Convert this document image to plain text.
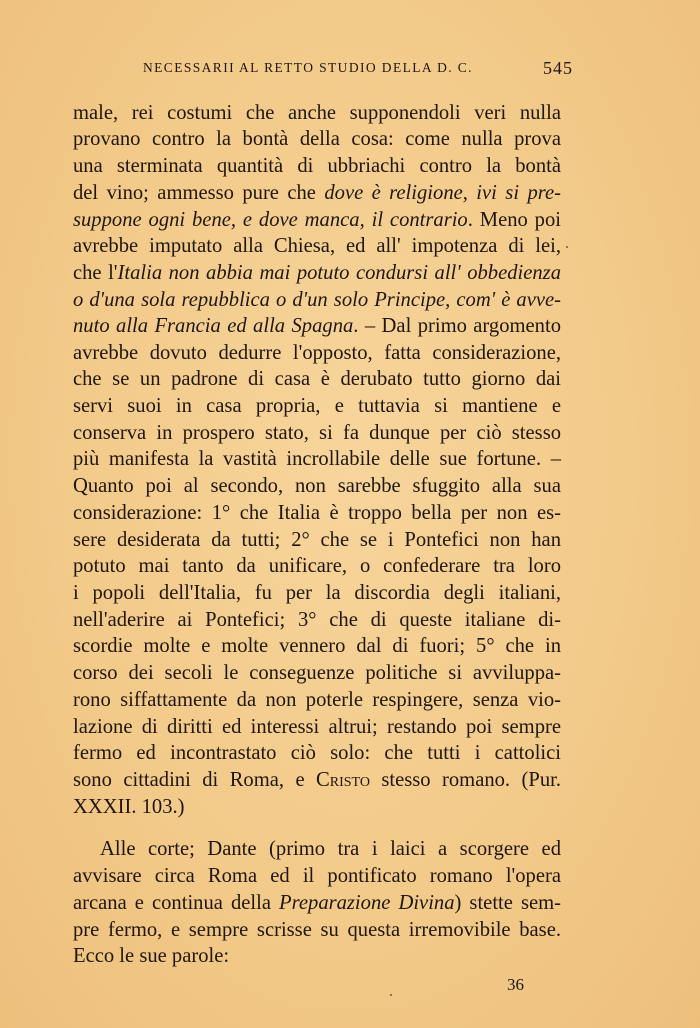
NECESSARII AL RETTO STUDIO DELLA D. C.	545
male, rei costumi che anche supponendoli veri nulla
provano contro la bontà della cosa: come nulla prova
una sterminata quantità di ubbriachi contro la bontà
del vino; ammesso pure che dove è religione, ivi si pre-
suppone ogni bene, e dove manca, il contrario. Meno poi
avrebbe imputato alla Chiesa, ed all' impotenza di lei,
che l'Italia non abbia mai potuto condursi all' obbedienza
o d'una sola repubblica o d'un solo Principe, com' è avve-
nuto alla Francia ed alla Spagna. – Dal primo argomento
avrebbe dovuto dedurre l'opposto, fatta considerazione,
che se un padrone di casa è derubato tutto giorno dai
servi suoi in casa propria, e tuttavia si mantiene e
conserva in prospero stato, si fa dunque per ciò stesso
più manifesta la vastità incrollabile delle sue fortune. –
Quanto poi al secondo, non sarebbe sfuggito alla sua
considerazione: 1° che Italia è troppo bella per non es-
sere desiderata da tutti; 2° che se i Pontefici non han
potuto mai tanto da unificare, o confederare tra loro
i popoli dell'Italia, fu per la discordia degli italiani,
nell'aderire ai Pontefici; 3° che di queste italiane di-
scordie molte e molte vennero dal di fuori; 5° che in
corso dei secoli le conseguenze politiche si avviluppa-
rono siffattamente da non poterle respingere, senza vio-
lazione di diritti ed interessi altrui; restando poi sempre
fermo ed incontrastato ciò solo: che tutti i cattolici
sono cittadini di Roma, e Cristo stesso romano. (Pur.
XXXII. 103.)
Alle corte; Dante (primo tra i laici a scorgere ed
avvisare circa Roma ed il pontificato romano l'opera
arcana e continua della Preparazione Divina) stette sem-
pre fermo, e sempre scrisse su questa irremovibile base.
Ecco le sue parole:
36
